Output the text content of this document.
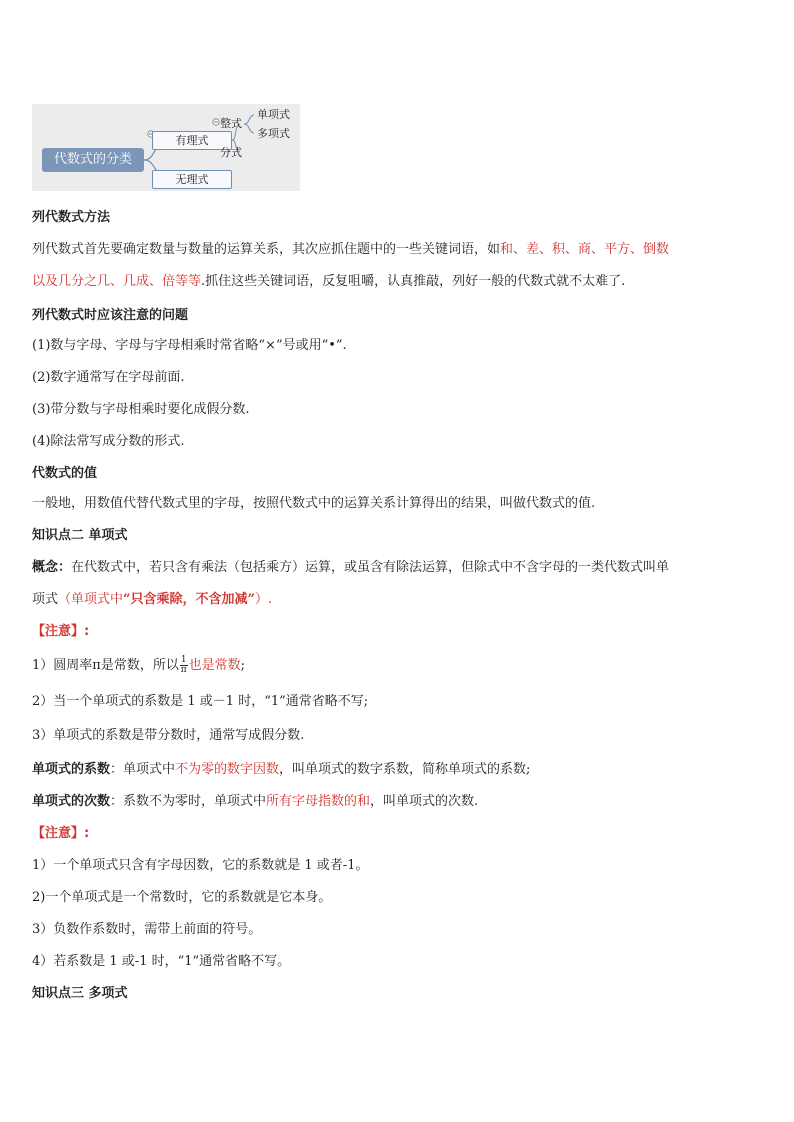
代数式的分类
有理式
无理式
整式
分式
单项式
多项式
列代数式方法
列代数式首先要确定数量与数量的运算关系，其次应抓住题中的一些关键词语，如和、差、积、商、平方、倒数
以及几分之几、几成、倍等等.抓住这些关键词语，反复咀嚼，认真推敲，列好一般的代数式就不太难了.
列代数式时应该注意的问题
(1)数与字母、字母与字母相乘时常省略“×”号或用“•”.
(2)数字通常写在字母前面.
(3)带分数与字母相乘时要化成假分数.
(4)除法常写成分数的形式.
代数式的值
一般地，用数值代替代数式里的字母，按照代数式中的运算关系计算得出的结果，叫做代数式的值.
知识点二 单项式
概念：在代数式中，若只含有乘法（包括乘方）运算，或虽含有除法运算，但除式中不含字母的一类代数式叫单
项式（单项式中“只含乘除，不含加减”）.
【注意】:
1）圆周率π是常数，所以 $\frac{1}{\pi}$ 也是常数;
2）当一个单项式的系数是 1 或－1 时，“1”通常省略不写;
3）单项式的系数是带分数时，通常写成假分数.
单项式的系数：单项式中不为零的数字因数，叫单项式的数字系数，简称单项式的系数;
单项式的次数：系数不为零时，单项式中所有字母指数的和，叫单项式的次数.
【注意】:
1）一个单项式只含有字母因数，它的系数就是 1 或者-1。
2)一个单项式是一个常数时，它的系数就是它本身。
3）负数作系数时，需带上前面的符号。
4）若系数是 1 或-1 时，“1”通常省略不写。
知识点三 多项式
